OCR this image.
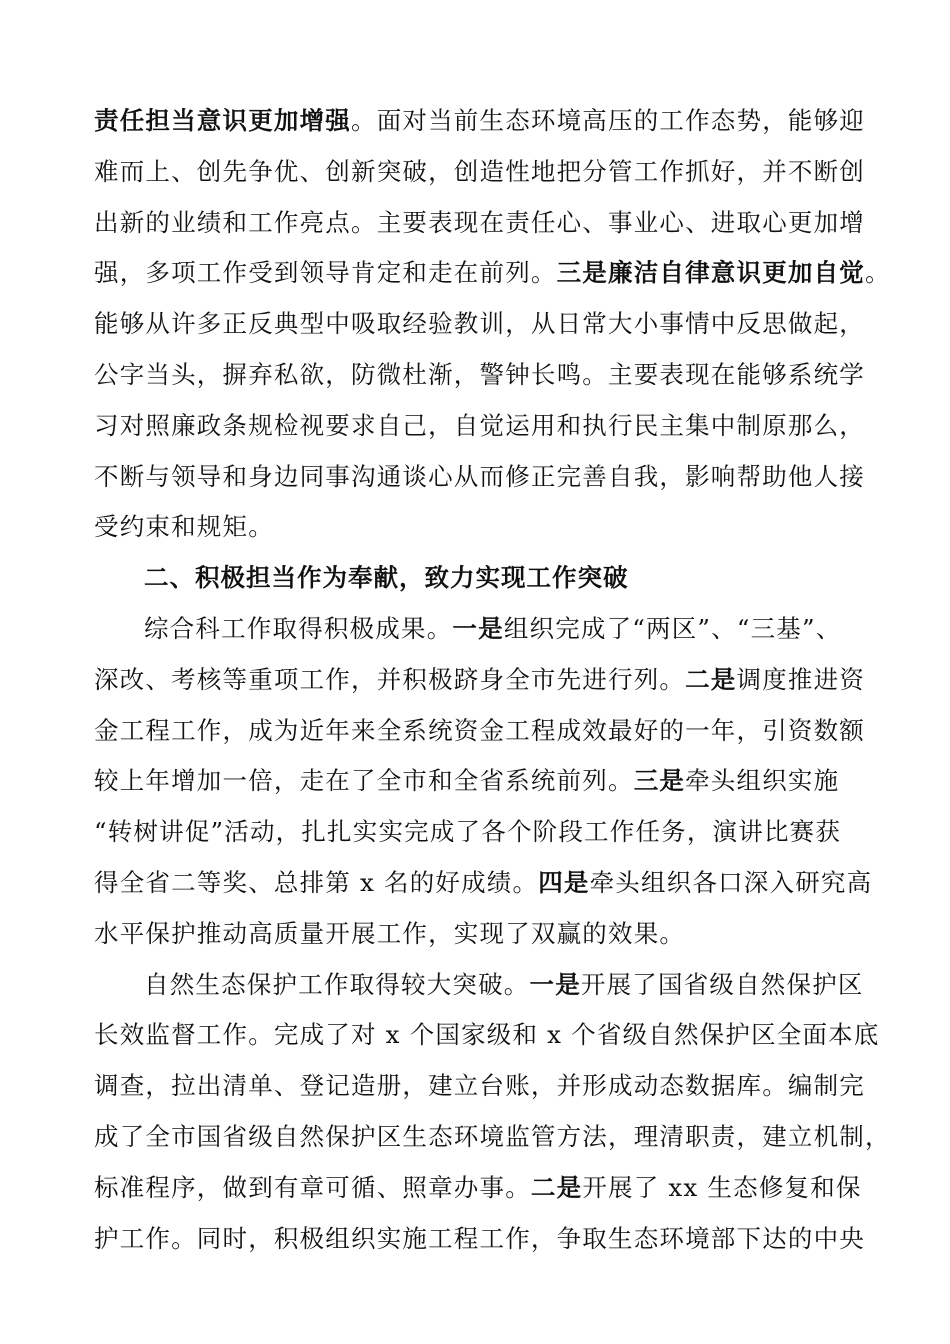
责任担当意识更加增强。面对当前生态环境高压的工作态势，能够迎
难而上、创先争优、创新突破，创造性地把分管工作抓好，并不断创
出新的业绩和工作亮点。主要表现在责任心、事业心、进取心更加增
强，多项工作受到领导肯定和走在前列。三是廉洁自律意识更加自觉。
能够从许多正反典型中吸取经验教训，从日常大小事情中反思做起，
公字当头，摒弃私欲，防微杜渐，警钟长鸣。主要表现在能够系统学
习对照廉政条规检视要求自己，自觉运用和执行民主集中制原那么，
不断与领导和身边同事沟通谈心从而修正完善自我，影响帮助他人接
受约束和规矩。
二、积极担当作为奉献，致力实现工作突破
综合科工作取得积极成果。一是组织完成了“两区”、“三基”、
深改、考核等重项工作，并积极跻身全市先进行列。二是调度推进资
金工程工作，成为近年来全系统资金工程成效最好的一年，引资数额
较上年增加一倍，走在了全市和全省系统前列。三是牵头组织实施
“转树讲促”活动，扎扎实实完成了各个阶段工作任务，演讲比赛获
得全省二等奖、总排第 x 名的好成绩。四是牵头组织各口深入研究高
水平保护推动高质量开展工作，实现了双赢的效果。
自然生态保护工作取得较大突破。一是开展了国省级自然保护区
长效监督工作。完成了对 x 个国家级和 x 个省级自然保护区全面本底
调查，拉出清单、登记造册，建立台账，并形成动态数据库。编制完
成了全市国省级自然保护区生态环境监管方法，理清职责，建立机制，
标准程序，做到有章可循、照章办事。二是开展了 xx 生态修复和保
护工作。同时，积极组织实施工程工作，争取生态环境部下达的中央
